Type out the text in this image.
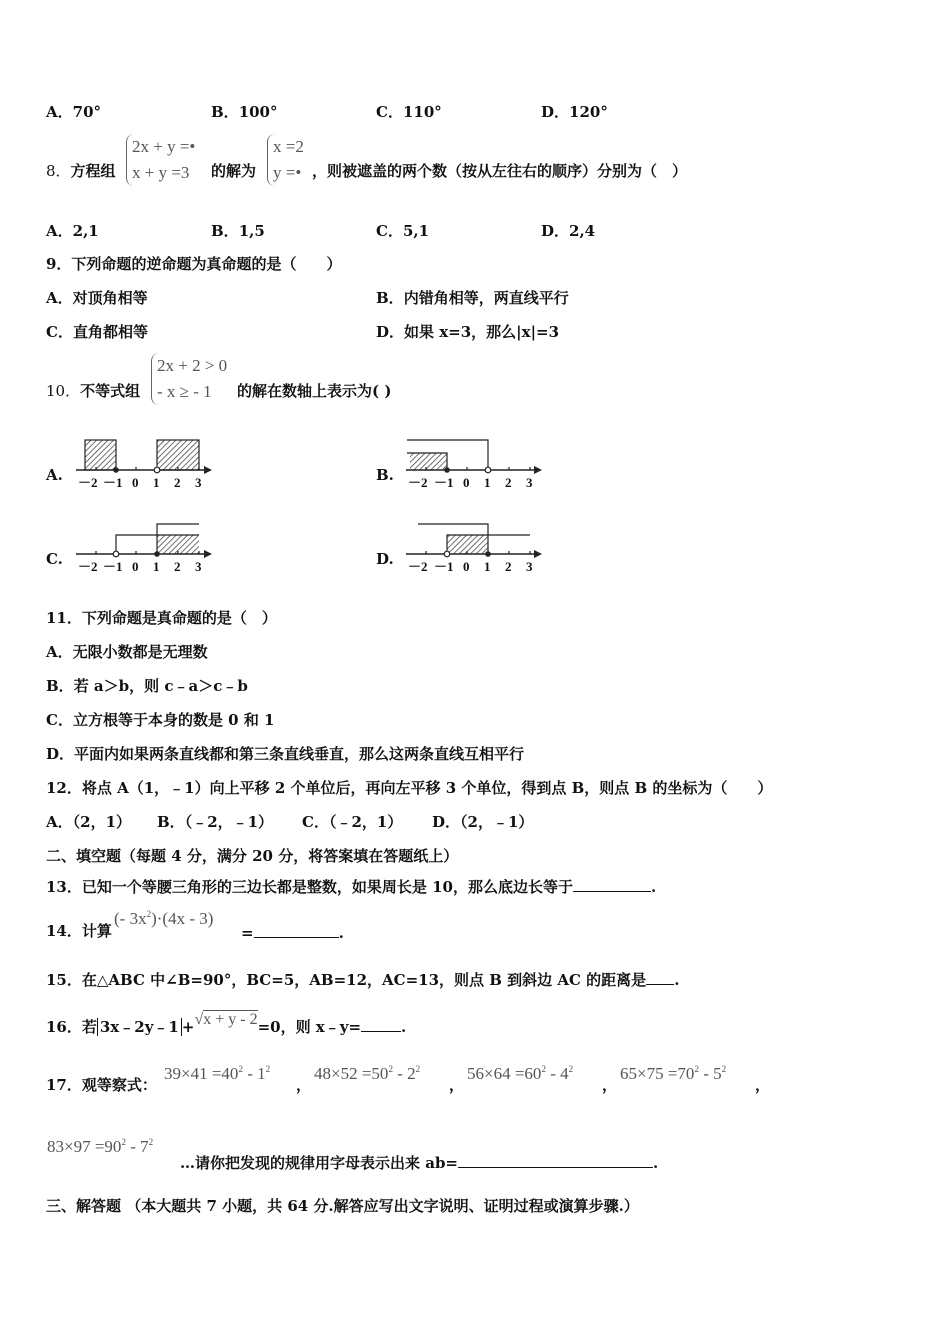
A．70°	B．100°	C．110°	D．120°
8．方程组
2x + y =•
x + y =3	的解为
x =2
y =• ，则被遮盖的两个数（按从左往右的顺序）分别为（　）
A．2,1	B．1,5	C．5,1	D．2,4
9．下列命题的逆命题为真命题的是（　　）
A．对顶角相等	B．内错角相等，两直线平行
C．直角都相等	D．如果 x=3，那么|x|=3
10．不等式组
2x + 2 > 0
- x ≥ - 1	的解在数轴上表示为( )
A.	B.
C.	D.
－2 －1 0 1 2 3	－2 －1 0 1 2 3
－2 －1 0 1 2 3	－2 －1 0 1 2 3
11．下列命题是真命题的是（　）
A．无限小数都是无理数
B．若 a＞b，则 c﹣a＞c﹣b
C．立方根等于本身的数是 0 和 1
D．平面内如果两条直线都和第三条直线垂直，那么这两条直线互相平行
12．将点 A（1，﹣1）向上平移 2 个单位后，再向左平移 3 个单位，得到点 B，则点 B 的坐标为（　　）
A．（2，1） B．（﹣2，﹣1） C．（﹣2，1） D．（2，﹣1）
二、填空题（每题 4 分，满分 20 分，将答案填在答题纸上）
13．已知一个等腰三角形的三边长都是整数，如果周长是 10，那么底边长等于	.
14．计算
(- $3x^2)\cdot(4x - 3)$
=	.
15．在△ABC 中∠B=90°，BC=5，AB=12，AC=13，则点 B 到斜边 AC 的距离是 .
16．若 3x﹣2y﹣1 +√x + y - 2=0，则 x﹣y=	.
17．观等察式：
$39\times 41 =40^2 - 1^2$
，
$48\times 52 =50^2 - 2^2$
，
$56\times 64 =60^2 - 4^2$
，
$65\times 75 =70^2 - 5^2$
，
$83\times 97 =90^2 - 7^2$
…请你把发现的规律用字母表示出来 ab=	.
三、解答题 （本大题共 7 小题，共 64 分.解答应写出文字说明、证明过程或演算步骤.）
